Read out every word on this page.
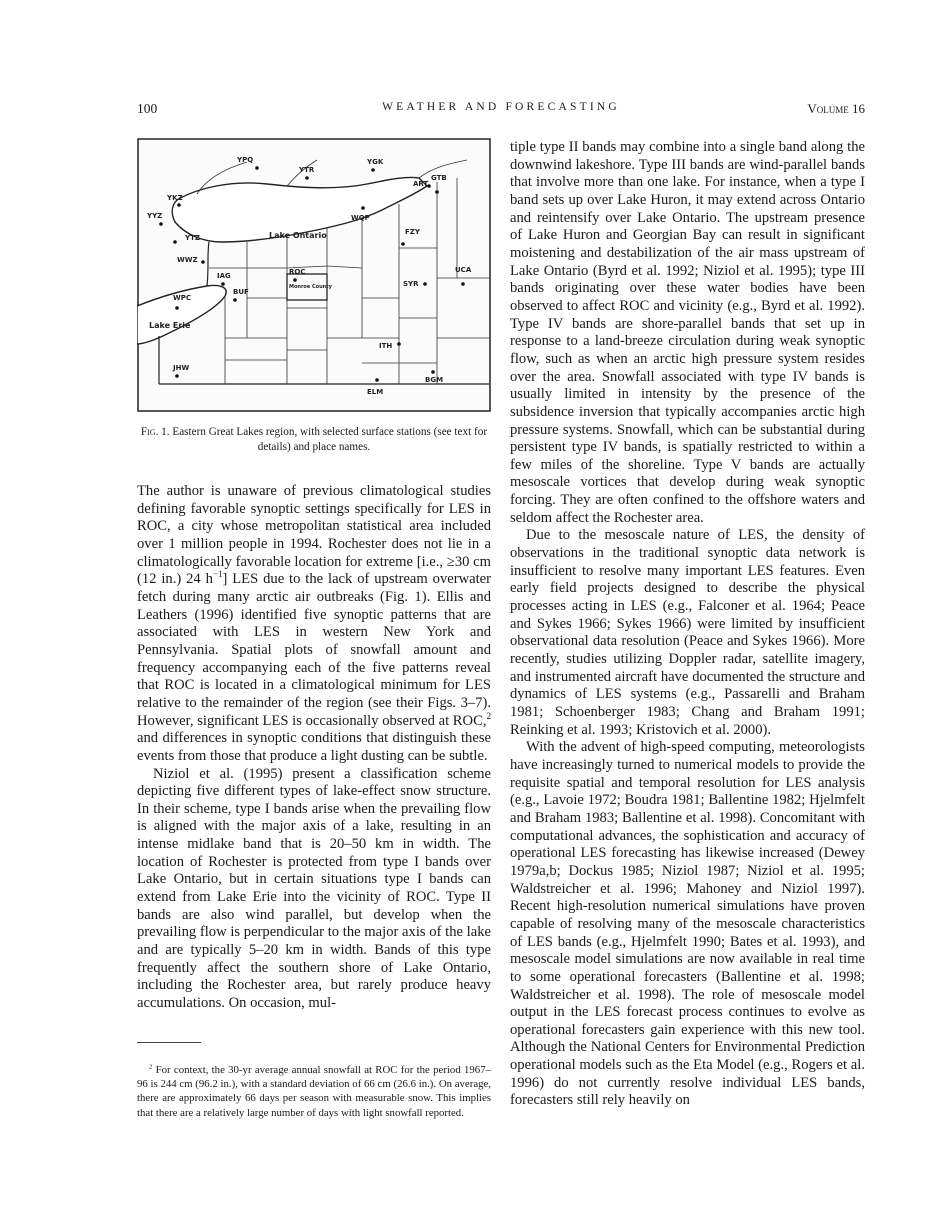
100	WEATHER AND FORECASTING	Volume 16
YPQ
YTR
YGK
ART
GTB
YKZ
YYZ	WQP
YTZ
FZY
WWZ
IAG	ROC	UCA
SYR
BUF
WPC
ITH
JHW
BGM
ELM
Lake Ontario
Lake Erie
Monroe County
Fig. 1. Eastern Great Lakes region, with selected surface stations (see text for details) and place names.

The author is unaware of previous climatological studies defining favorable synoptic settings specifically for LES in ROC, a city whose metropolitan statistical area included over 1 million people in 1994. Rochester does not lie in a climatologically favorable location for extreme [i.e., ≥30 cm (12 in.) 24 $h^{-1}$] LES due to the lack of upstream overwater fetch during many arctic air outbreaks (Fig. 1). Ellis and Leathers (1996) identified five synoptic patterns that are associated with LES in western New York and Pennsylvania. Spatial plots of snowfall amount and frequency accompanying each of the five patterns reveal that ROC is located in a climatological minimum for LES relative to the remainder of the region (see their Figs. 3–7). However, significant LES is occasionally observed at ROC,$^2$ and differences in synoptic conditions that distinguish these events from those that produce a light dusting can be subtle.

Niziol et al. (1995) present a classification scheme depicting five different types of lake-effect snow structure. In their scheme, type I bands arise when the prevailing flow is aligned with the major axis of a lake, resulting in an intense midlake band that is 20–50 km in width. The location of Rochester is protected from type I bands over Lake Ontario, but in certain situations type I bands can extend from Lake Erie into the vicinity of ROC. Type II bands are also wind parallel, but develop when the prevailing flow is perpendicular to the major axis of the lake and are typically 5–20 km in width. Bands of this type frequently affect the southern shore of Lake Ontario, including the Rochester area, but rarely produce heavy accumulations. On occasion, mul-

$^2$ For context, the 30-yr average annual snowfall at ROC for the period 1967–96 is 244 cm (96.2 in.), with a standard deviation of 66 cm (26.6 in.). On average, there are approximately 66 days per season with measurable snow. This implies that there are a relatively large number of days with light snowfall reported.

tiple type II bands may combine into a single band along the downwind lakeshore. Type III bands are wind-parallel bands that involve more than one lake. For instance, when a type I band sets up over Lake Huron, it may extend across Ontario and reintensify over Lake Ontario. The upstream presence of Lake Huron and Georgian Bay can result in significant moistening and destabilization of the air mass upstream of Lake Ontario (Byrd et al. 1992; Niziol et al. 1995); type III bands originating over these water bodies have been observed to affect ROC and vicinity (e.g., Byrd et al. 1992). Type IV bands are shore-parallel bands that set up in response to a land-breeze circulation during weak synoptic flow, such as when an arctic high pressure system resides over the area. Snowfall associated with type IV bands is usually limited in intensity by the presence of the subsidence inversion that typically accompanies arctic high pressure systems. Snowfall, which can be substantial during persistent type IV bands, is spatially restricted to within a few miles of the shoreline. Type V bands are actually mesoscale vortices that develop during weak synoptic forcing. They are often confined to the offshore waters and seldom affect the Rochester area.

Due to the mesoscale nature of LES, the density of observations in the traditional synoptic data network is insufficient to resolve many important LES features. Even early field projects designed to describe the physical processes acting in LES (e.g., Falconer et al. 1964; Peace and Sykes 1966; Sykes 1966) were limited by insufficient observational data resolution (Peace and Sykes 1966). More recently, studies utilizing Doppler radar, satellite imagery, and instrumented aircraft have documented the structure and dynamics of LES systems (e.g., Passarelli and Braham 1981; Schoenberger 1983; Chang and Braham 1991; Reinking et al. 1993; Kristovich et al. 2000).

With the advent of high-speed computing, meteorologists have increasingly turned to numerical models to provide the requisite spatial and temporal resolution for LES analysis (e.g., Lavoie 1972; Boudra 1981; Ballentine 1982; Hjelmfelt and Braham 1983; Ballentine et al. 1998). Concomitant with computational advances, the sophistication and accuracy of operational LES forecasting has likewise increased (Dewey 1979a,b; Dockus 1985; Niziol 1987; Niziol et al. 1995; Waldstreicher et al. 1996; Mahoney and Niziol 1997). Recent high-resolution numerical simulations have proven capable of resolving many of the mesoscale characteristics of LES bands (e.g., Hjelmfelt 1990; Bates et al. 1993), and mesoscale model simulations are now available in real time to some operational forecasters (Ballentine et al. 1998; Waldstreicher et al. 1998). The role of mesoscale model output in the LES forecast process continues to evolve as operational forecasters gain experience with this new tool. Although the National Centers for Environmental Prediction operational models such as the Eta Model (e.g., Rogers et al. 1996) do not currently resolve individual LES bands, forecasters still rely heavily on
